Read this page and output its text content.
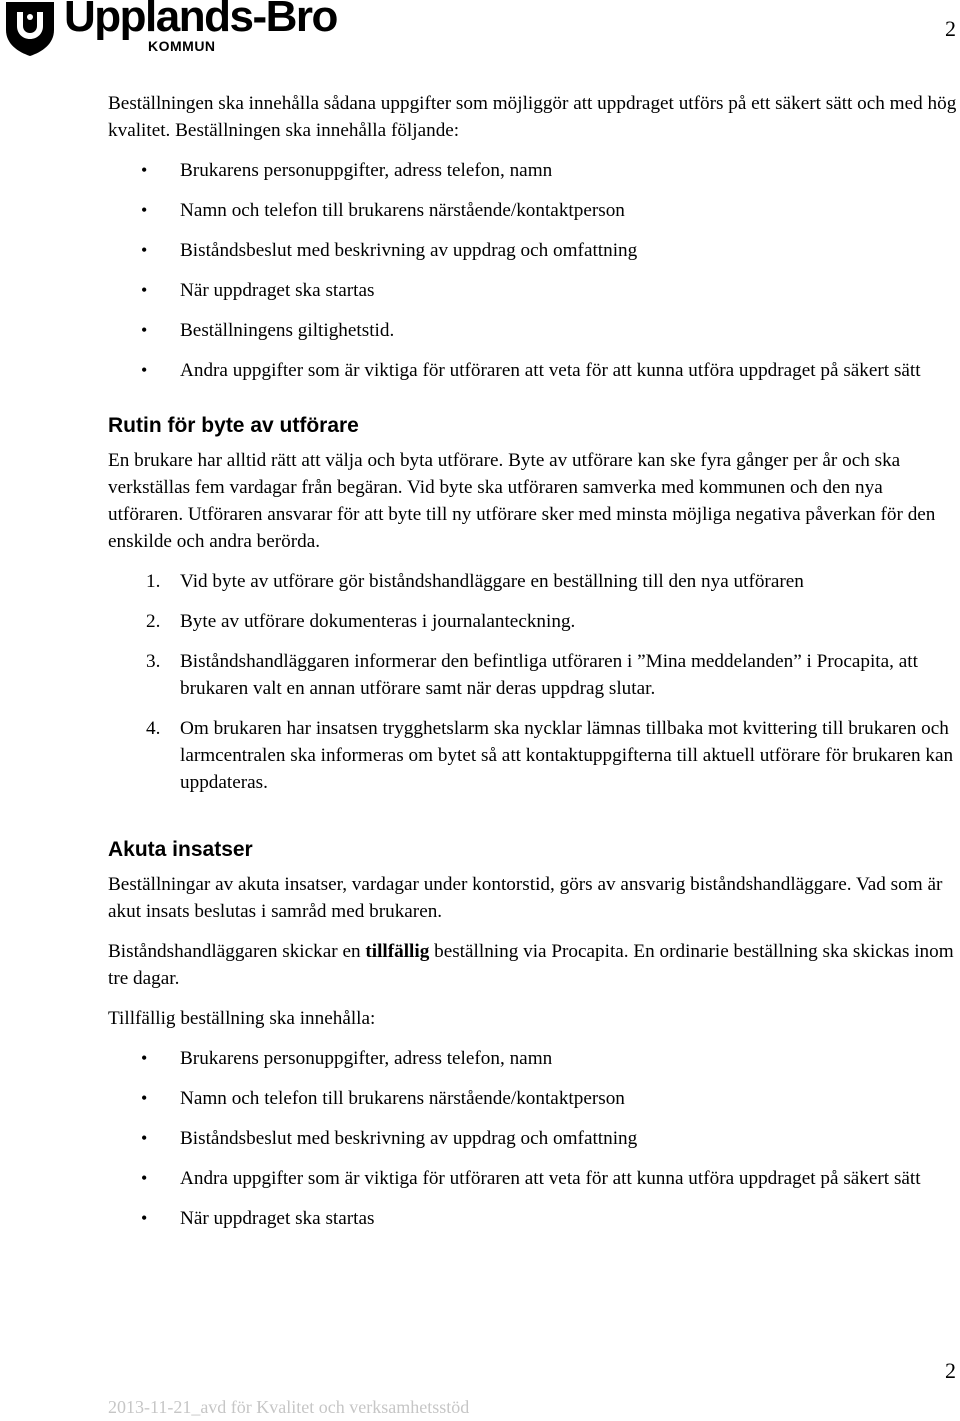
Upplands-Bro
KOMMUN
2

Beställningen ska innehålla sådana uppgifter som möjliggör att uppdraget utförs på ett säkert sätt och med hög kvalitet. Beställningen ska innehålla följande:

• Brukarens personuppgifter, adress telefon, namn

• Namn och telefon till brukarens närstående/kontaktperson

• Biståndsbeslut med beskrivning av uppdrag och omfattning

• När uppdraget ska startas

• Beställningens giltighetstid.

• Andra uppgifter som är viktiga för utföraren att veta för att kunna utföra uppdraget på säkert sätt

Rutin för byte av utförare

En brukare har alltid rätt att välja och byta utförare. Byte av utförare kan ske fyra gånger per år och ska verkställas fem vardagar från begäran. Vid byte ska utföraren samverka med kommunen och den nya utföraren. Utföraren ansvarar för att byte till ny utförare sker med minsta möjliga negativa påverkan för den enskilde och andra berörda.

1. Vid byte av utförare gör biståndshandläggare en beställning till den nya utföraren

2. Byte av utförare dokumenteras i journalanteckning.

3. Biståndshandläggaren informerar den befintliga utföraren i ”Mina meddelanden” i Procapita, att brukaren valt en annan utförare samt när deras uppdrag slutar.

4. Om brukaren har insatsen trygghetslarm ska nycklar lämnas tillbaka mot kvittering till brukaren och larmcentralen ska informeras om bytet så att kontaktuppgifterna till aktuell utförare för brukaren kan uppdateras.

Akuta insatser

Beställningar av akuta insatser, vardagar under kontorstid, görs av ansvarig biståndshandläggare. Vad som är akut insats beslutas i samråd med brukaren.

Biståndshandläggaren skickar en tillfällig beställning via Procapita. En ordinarie beställning ska skickas inom tre dagar.

Tillfällig beställning ska innehålla:

• Brukarens personuppgifter, adress telefon, namn

• Namn och telefon till brukarens närstående/kontaktperson

• Biståndsbeslut med beskrivning av uppdrag och omfattning

• Andra uppgifter som är viktiga för utföraren att veta för att kunna utföra uppdraget på säkert sätt

• När uppdraget ska startas

2
2013-11-21_avd för Kvalitet och verksamhetsstöd
